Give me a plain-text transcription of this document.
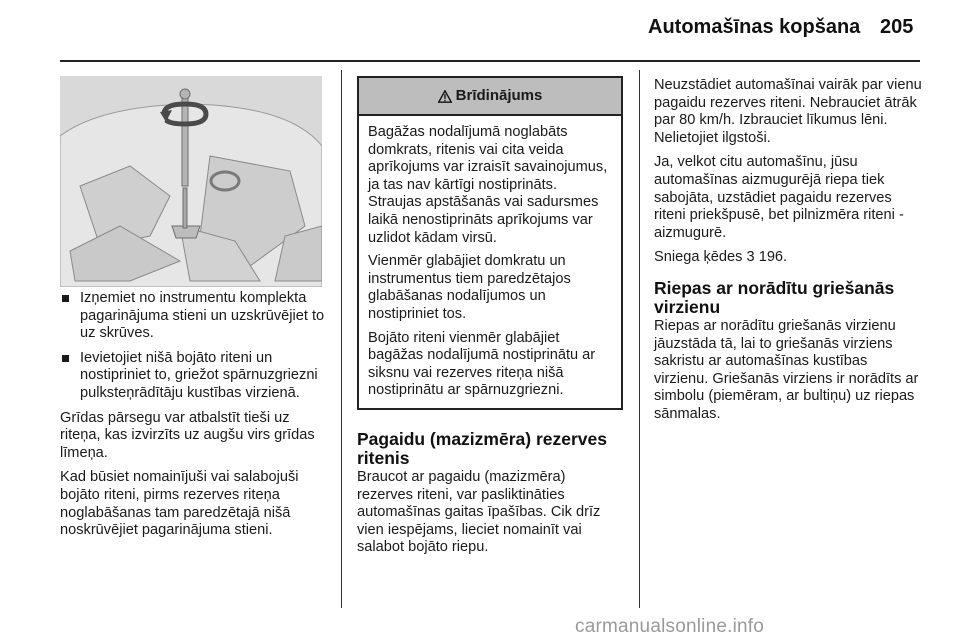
Automašīnas kopšana 205
Izņemiet no instrumentu komplekta pagarinājuma stieni un uzskrūvējiet to uz skrūves.
Ievietojiet nišā bojāto riteni un nostipriniet to, griežot spārnuzgriezni pulksteņrādītāju kustības virzienā.

Grīdas pārsegu var atbalstīt tieši uz riteņa, kas izvirzīts uz augšu virs grīdas līmeņa.

Kad būsiet nomainījuši vai salabojuši bojāto riteni, pirms rezerves riteņa noglabāšanas tam paredzētajā nišā noskrūvējiet pagarinājuma stieni.

Brīdinājums

Bagāžas nodalījumā noglabāts domkrats, ritenis vai cita veida aprīkojums var izraisīt savainojumus, ja tas nav kārtīgi nostiprināts. Straujas apstāšanās vai sadursmes laikā nenostiprināts aprīkojums var uzlidot kādam virsū.

Vienmēr glabājiet domkratu un instrumentus tiem paredzētajos glabāšanas nodalījumos un nostipriniet tos.

Bojāto riteni vienmēr glabājiet bagāžas nodalījumā nostiprinātu ar siksnu vai rezerves riteņa nišā nostiprinātu ar spārnuzgriezni.

Pagaidu (mazizmēra) rezerves ritenis

Braucot ar pagaidu (mazizmēra) rezerves riteni, var pasliktināties automašīnas gaitas īpašības. Cik drīz vien iespējams, lieciet nomainīt vai salabot bojāto riepu.

Neuzstādiet automašīnai vairāk par vienu pagaidu rezerves riteni. Nebrauciet ātrāk par 80 km/h. Izbrauciet līkumus lēni. Nelietojiet ilgstoši.

Ja, velkot citu automašīnu, jūsu automašīnas aizmugurējā riepa tiek sabojāta, uzstādiet pagaidu rezerves riteni priekšpusē, bet pilnizmēra riteni - aizmugurē.

Sniega ķēdes 3 196.

Riepas ar norādītu griešanās virzienu

Riepas ar norādītu griešanās virzienu jāuzstāda tā, lai to griešanās virziens sakristu ar automašīnas kustības virzienu. Griešanās virziens ir norādīts ar simbolu (piemēram, ar bultiņu) uz riepas sānmalas.

carmanualsonline.info
